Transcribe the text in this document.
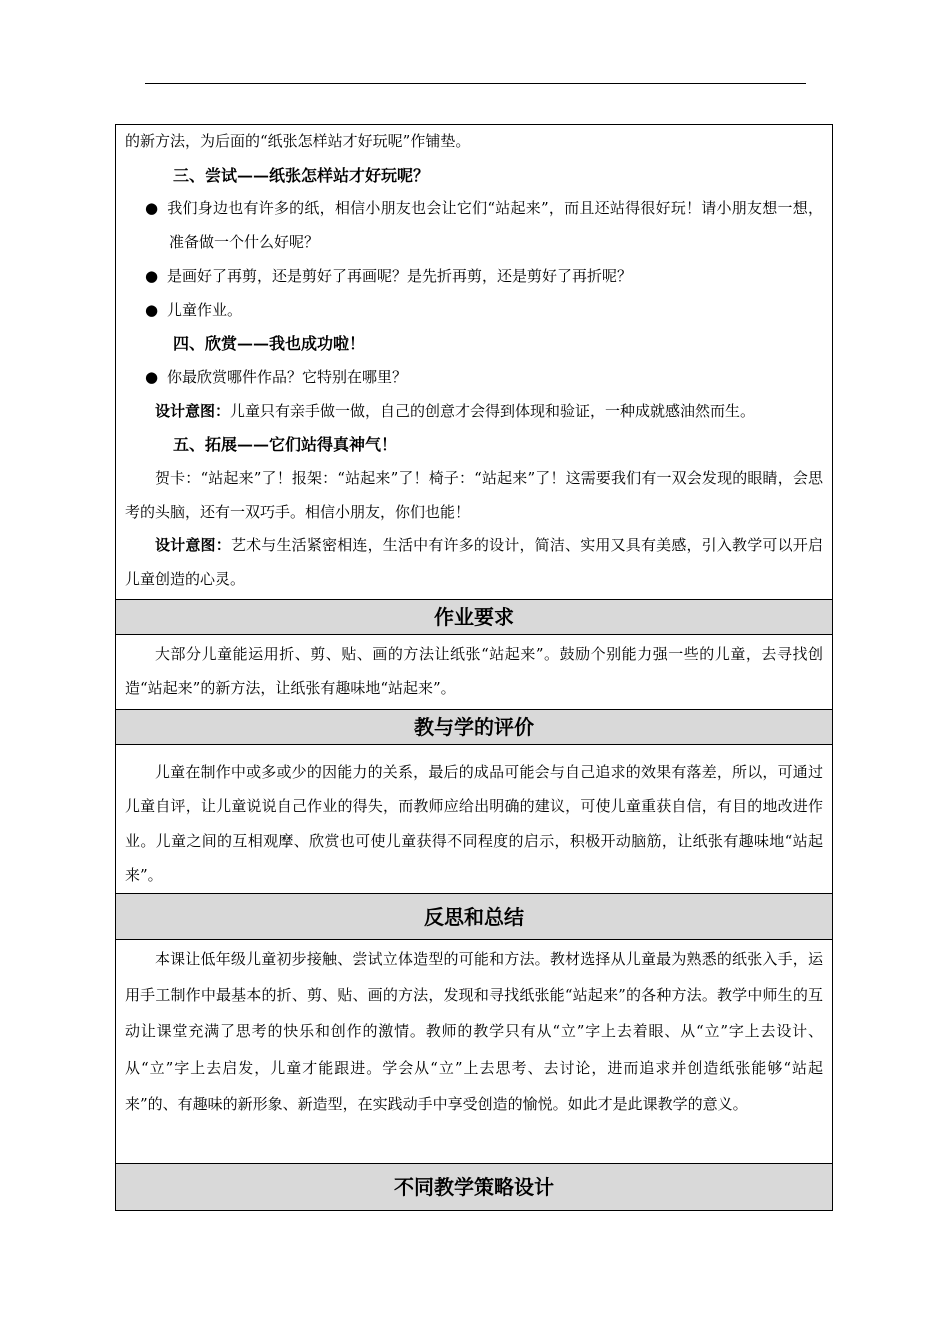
的新方法，为后面的“纸张怎样站才好玩呢”作铺垫。

三、尝试——纸张怎样站才好玩呢？

● 我们身边也有许多的纸，相信小朋友也会让它们“站起来”，而且还站得很好玩！请小朋友想一想，准备做一个什么好呢？

● 是画好了再剪，还是剪好了再画呢？是先折再剪，还是剪好了再折呢？

● 儿童作业。

四、欣赏——我也成功啦！

● 你最欣赏哪件作品？它特别在哪里？

设计意图：儿童只有亲手做一做，自己的创意才会得到体现和验证，一种成就感油然而生。

五、拓展——它们站得真神气！

贺卡：“站起来”了！报架：“站起来”了！椅子：“站起来”了！这需要我们有一双会发现的眼睛，会思考的头脑，还有一双巧手。相信小朋友，你们也能！

设计意图：艺术与生活紧密相连，生活中有许多的设计，简洁、实用又具有美感，引入教学可以开启儿童创造的心灵。

作业要求

大部分儿童能运用折、剪、贴、画的方法让纸张“站起来”。鼓励个别能力强一些的儿童，去寻找创造“站起来”的新方法，让纸张有趣味地“站起来”。

教与学的评价

儿童在制作中或多或少的因能力的关系，最后的成品可能会与自己追求的效果有落差，所以，可通过儿童自评，让儿童说说自己作业的得失，而教师应给出明确的建议，可使儿童重获自信，有目的地改进作业。儿童之间的互相观摩、欣赏也可使儿童获得不同程度的启示，积极开动脑筋，让纸张有趣味地“站起来”。

反思和总结

本课让低年级儿童初步接触、尝试立体造型的可能和方法。教材选择从儿童最为熟悉的纸张入手，运用手工制作中最基本的折、剪、贴、画的方法，发现和寻找纸张能“站起来”的各种方法。教学中师生的互动让课堂充满了思考的快乐和创作的激情。教师的教学只有从“立”字上去着眼、从“立”字上去设计、从“立”字上去启发，儿童才能跟进。学会从“立”上去思考、去讨论，进而追求并创造纸张能够“站起来”的、有趣味的新形象、新造型，在实践动手中享受创造的愉悦。如此才是此课教学的意义。

不同教学策略设计
